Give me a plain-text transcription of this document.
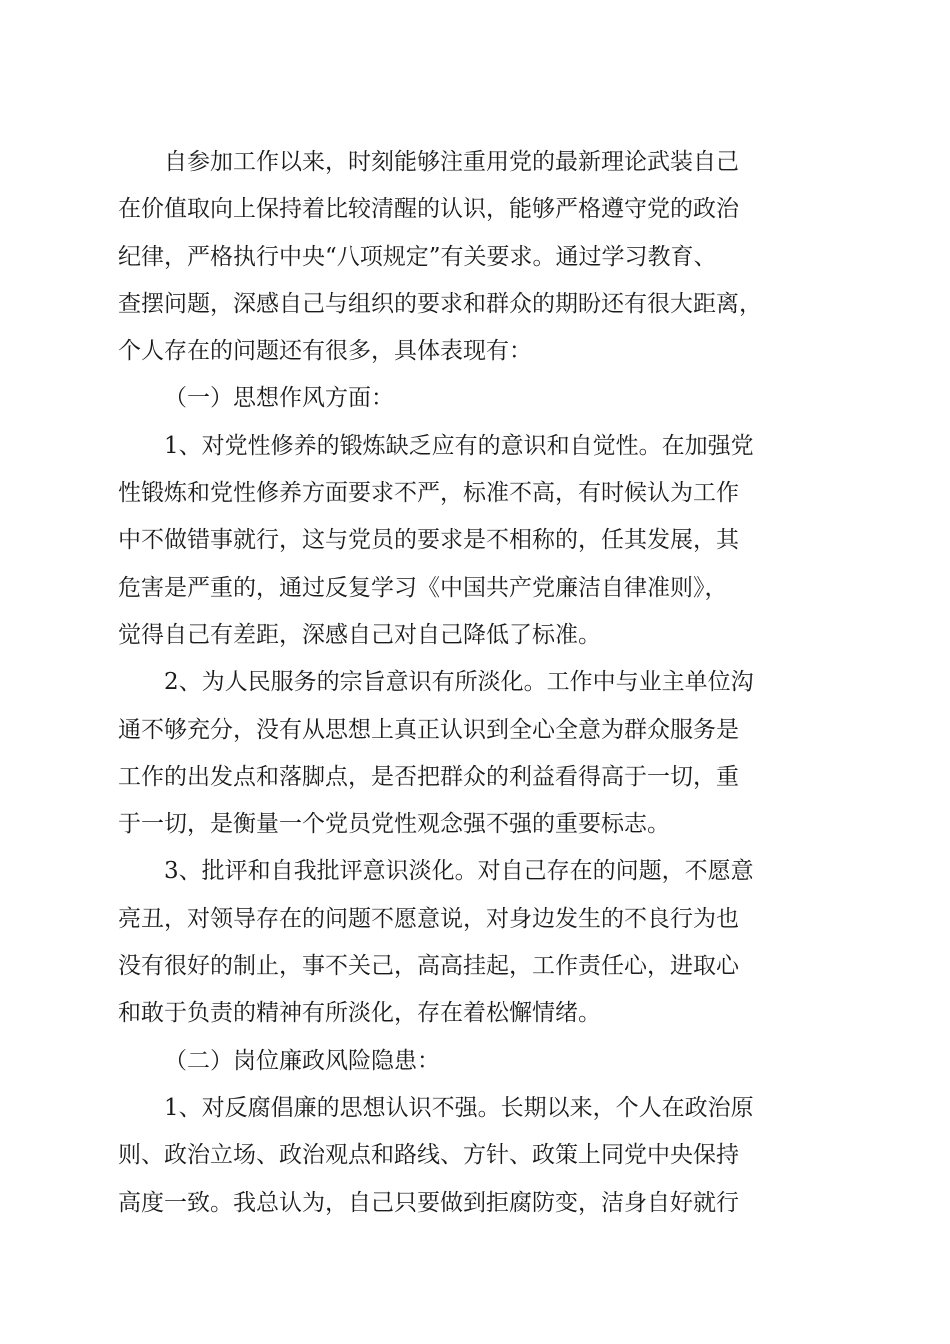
自参加工作以来，时刻能够注重用党的最新理论武装自己
在价值取向上保持着比较清醒的认识，能够严格遵守党的政治
纪律，严格执行中央“八项规定”有关要求。通过学习教育、
查摆问题，深感自己与组织的要求和群众的期盼还有很大距离，
个人存在的问题还有很多，具体表现有：
（一）思想作风方面：
1、对党性修养的锻炼缺乏应有的意识和自觉性。在加强党
性锻炼和党性修养方面要求不严，标准不高，有时候认为工作
中不做错事就行，这与党员的要求是不相称的，任其发展，其
危害是严重的，通过反复学习《中国共产党廉洁自律准则》，
觉得自己有差距，深感自己对自己降低了标准。
2、为人民服务的宗旨意识有所淡化。工作中与业主单位沟
通不够充分，没有从思想上真正认识到全心全意为群众服务是
工作的出发点和落脚点，是否把群众的利益看得高于一切，重
于一切，是衡量一个党员党性观念强不强的重要标志。
3、批评和自我批评意识淡化。对自己存在的问题，不愿意
亮丑，对领导存在的问题不愿意说，对身边发生的不良行为也
没有很好的制止，事不关己，高高挂起，工作责任心，进取心
和敢于负责的精神有所淡化，存在着松懈情绪。
（二）岗位廉政风险隐患：
1、对反腐倡廉的思想认识不强。长期以来，个人在政治原
则、政治立场、政治观点和路线、方针、政策上同党中央保持
高度一致。我总认为，自己只要做到拒腐防变，洁身自好就行
